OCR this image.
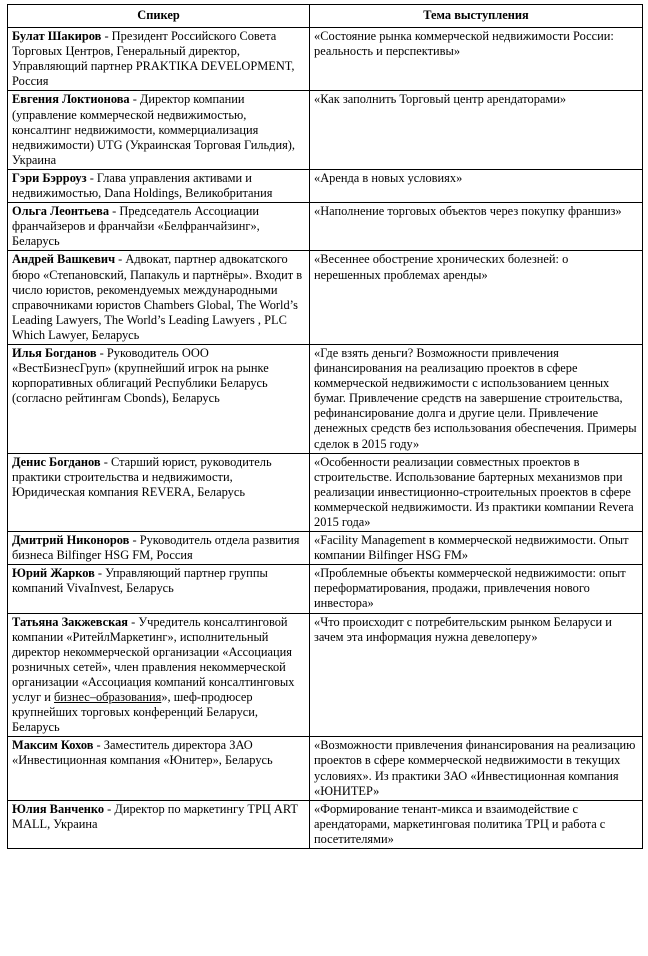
Спикер	Тема выступления
Булат Шакиров - Президент Российского Совета Торговых Центров, Генеральный директор, Управляющий партнер PRAKTIKA DEVELOPMENT, Россия	«Состояние рынка коммерческой недвижимости России: реальность и перспективы»
Евгения Локтионова - Директор компании (управление коммерческой недвижимостью, консалтинг недвижимости, коммерциализация недвижимости) UTG (Украинская Торговая Гильдия), Украина	«Как заполнить Торговый центр арендаторами»
Гэри Бэрроуз - Глава управления активами и недвижимостью, Dana Holdings, Великобритания	«Аренда в новых условиях»
Ольга Леонтьева - Председатель Ассоциации франчайзеров и франчайзи «Белфранчайзинг», Беларусь	«Наполнение торговых объектов через покупку франшиз»
Андрей Вашкевич - Адвокат, партнер адвокатского бюро «Степановский, Папакуль и партнёры». Входит в число юристов, рекомендуемых международными справочниками юристов Chambers Global, The World’s Leading Lawyers, The World’s Leading Lawyers , PLC Which Lawyer, Беларусь	«Весеннее обострение хронических болезней: о нерешенных проблемах аренды»
Илья Богданов - Руководитель ООО «ВестБизнесГруп» (крупнейший игрок на рынке корпоративных облигаций Республики Беларусь (согласно рейтингам Cbonds), Беларусь	«Где взять деньги? Возможности привлечения финансирования на реализацию проектов в сфере коммерческой недвижимости с использованием ценных бумаг. Привлечение средств на завершение строительства, рефинансирование долга и другие цели. Привлечение денежных средств без использования обеспечения. Примеры сделок в 2015 году»
Денис Богданов - Старший юрист, руководитель практики строительства и недвижимости, Юридическая компания REVERA, Беларусь	«Особенности реализации совместных проектов в строительстве. Использование бартерных механизмов при реализации инвестиционно-строительных проектов в сфере коммерческой недвижимости. Из практики компании Revera 2015 года»
Дмитрий Никоноров - Руководитель отдела развития бизнеса Bilfinger HSG FM, Россия	«Facility Management в коммерческой недвижимости. Опыт компании Bilfinger HSG FM»
Юрий Жарков - Управляющий партнер группы компаний VivaInvest, Беларусь	«Проблемные объекты коммерческой недвижимости: опыт переформатирования, продажи, привлечения нового инвестора»
Татьяна Закжевская - Учредитель консалтинговой компании «РитейлМаркетинг», исполнительный директор некоммерческой организации «Ассоциация розничных сетей», член правления некоммерческой организации «Ассоциация компаний консалтинговых услуг и бизнес–образования», шеф-продюсер крупнейших торговых конференций Беларуси, Беларусь	«Что происходит с потребительским рынком Беларуси и зачем эта информация нужна девелоперу»
Максим Кохов - Заместитель директора ЗАО «Инвестиционная компания «Юнитер», Беларусь	«Возможности привлечения финансирования на реализацию проектов в сфере коммерческой недвижимости в текущих условиях». Из практики ЗАО «Инвестиционная компания «ЮНИТЕР»
Юлия Ванченко - Директор по маркетингу ТРЦ ART MALL, Украина	«Формирование тенант-микса и взаимодействие с арендаторами, маркетинговая политика ТРЦ и работа с посетителями»
